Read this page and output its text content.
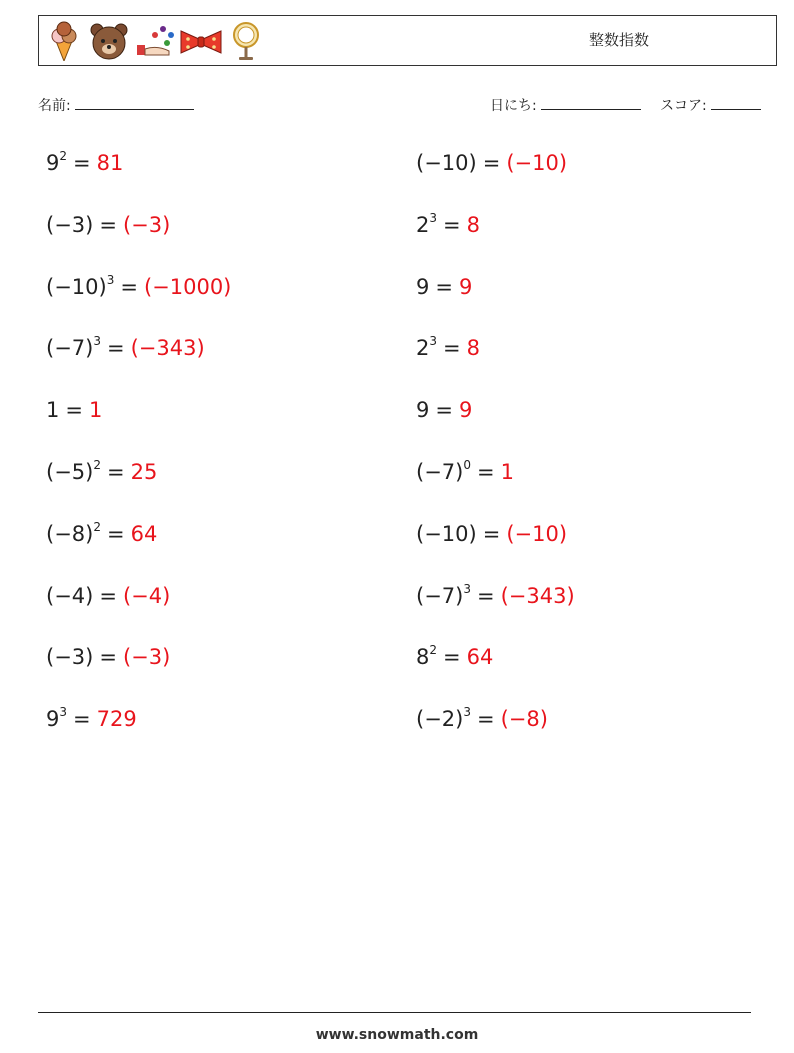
整数指数
名前:	日にち:	スコア:
$9^2 = 81$
(−3) = (−3)
$(-10)^3 = (-1000)$
$(-7)^3 = (-343)$
1 = 1
$(-5)^2 = 25$
$(-8)^2 = 64$
(−4) = (−4)
(−3) = (−3)
$9^3 = 729$
(−10) = (−10)
$2^3 = 8$
9 = 9
$2^3 = 8$
9 = 9
$(-7)^0 = 1$
(−10) = (−10)
$(-7)^3 = (-343)$
$8^2 = 64$
$(-2)^3 = (-8)$
www.snowmath.com
